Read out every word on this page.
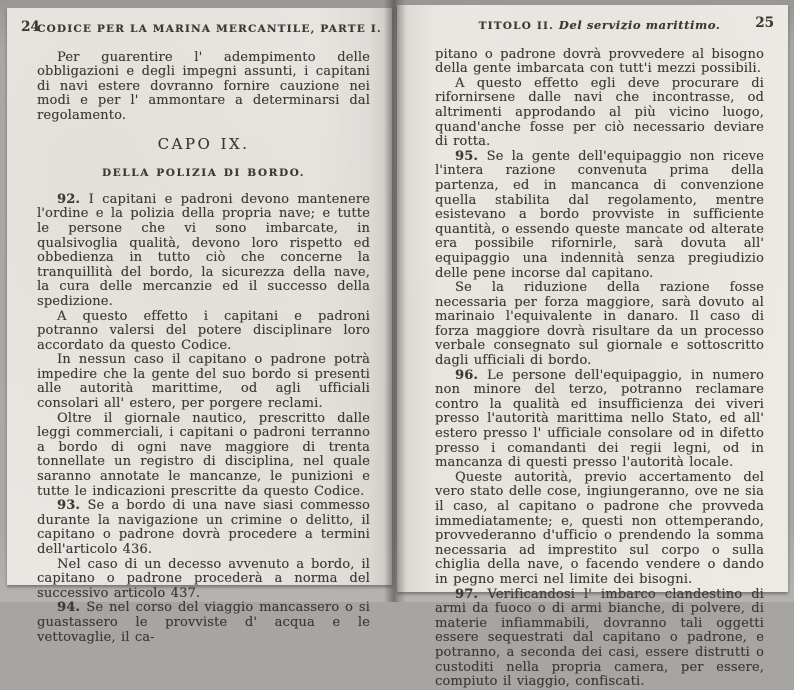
24
CODICE PER LA MARINA MERCANTILE, PARTE I.

Per guarentire l' adempimento delle obbligazioni e degli impegni assunti, i capitani di navi estere dovranno fornire cauzione nei modi e per l' ammontare a determinarsi dal regolamento.

CAPO IX.
DELLA POLIZIA DI BORDO.

92. I capitani e padroni devono mantenere l'ordine e la polizia della propria nave; e tutte le persone che vi sono imbarcate, in qualsivoglia qualità, devono loro rispetto ed obbedienza in tutto ciò che concerne la tranquillità del bordo, la sicurezza della nave, la cura delle mercanzie ed il successo della spedizione.

A questo effetto i capitani e padroni potranno valersi del potere disciplinare loro accordato da questo Codice.

In nessun caso il capitano o padrone potrà impedire che la gente del suo bordo si presenti alle autorità marittime, od agli ufficiali consolari all' estero, per porgere reclami.

Oltre il giornale nautico, prescritto dalle leggi commerciali, i capitani o padroni terranno a bordo di ogni nave maggiore di trenta tonnellate un registro di disciplina, nel quale saranno annotate le mancanze, le punizioni e tutte le indicazioni prescritte da questo Codice.

93. Se a bordo di una nave siasi commesso durante la navigazione un crimine o delitto, il capitano o padrone dovrà procedere a termini dell'articolo 436.

Nel caso di un decesso avvenuto a bordo, il capitano o padrone procederà a norma del successivo articolo 437.

94. Se nel corso del viaggio mancassero o si guastassero le provviste d' acqua e le vettovaglie, il ca-

TITOLO II. Del servizio marittimo.	25

pitano o padrone dovrà provvedere al bisogno della gente imbarcata con tutt'i mezzi possibili.

A questo effetto egli deve procurare di rifornirsene dalle navi che incontrasse, od altrimenti approdando al più vicino luogo, quand'anche fosse per ciò necessario deviare di rotta.

95. Se la gente dell'equipaggio non riceve l'intera razione convenuta prima della partenza, ed in mancanca di convenzione quella stabilita dal regolamento, mentre esistevano a bordo provviste in sufficiente quantità, o essendo queste mancate od alterate era possibile rifornirle, sarà dovuta all' equipaggio una indennità senza pregiudizio delle pene incorse dal capitano.

Se la riduzione della razione fosse necessaria per forza maggiore, sarà dovuto al marinaio l'equivalente in danaro. Il caso di forza maggiore dovrà risultare da un processo verbale consegnato sul giornale e sottoscritto dagli ufficiali di bordo.

96. Le persone dell'equipaggio, in numero non minore del terzo, potranno reclamare contro la qualità ed insufficienza dei viveri presso l'autorità marittima nello Stato, ed all' estero presso l' ufficiale consolare od in difetto presso i comandanti dei regii legni, od in mancanza di questi presso l'autorità locale.

Queste autorità, previo accertamento del vero stato delle cose, ingiungeranno, ove ne sia il caso, al capitano o padrone che provveda immediatamente; e, questi non ottemperando, provvederanno d'ufficio o prendendo la somma necessaria ad imprestito sul corpo o sulla chiglia della nave, o facendo vendere o dando in pegno merci nel limite dei bisogni.

97. Verificandosi l' imbarco clandestino di armi da fuoco o di armi bianche, di polvere, di materie infiammabili, dovranno tali oggetti essere sequestrati dal capitano o padrone, e potranno, a seconda dei casi, essere distrutti o custoditi nella propria camera, per essere, compiuto il viaggio, confiscati.
